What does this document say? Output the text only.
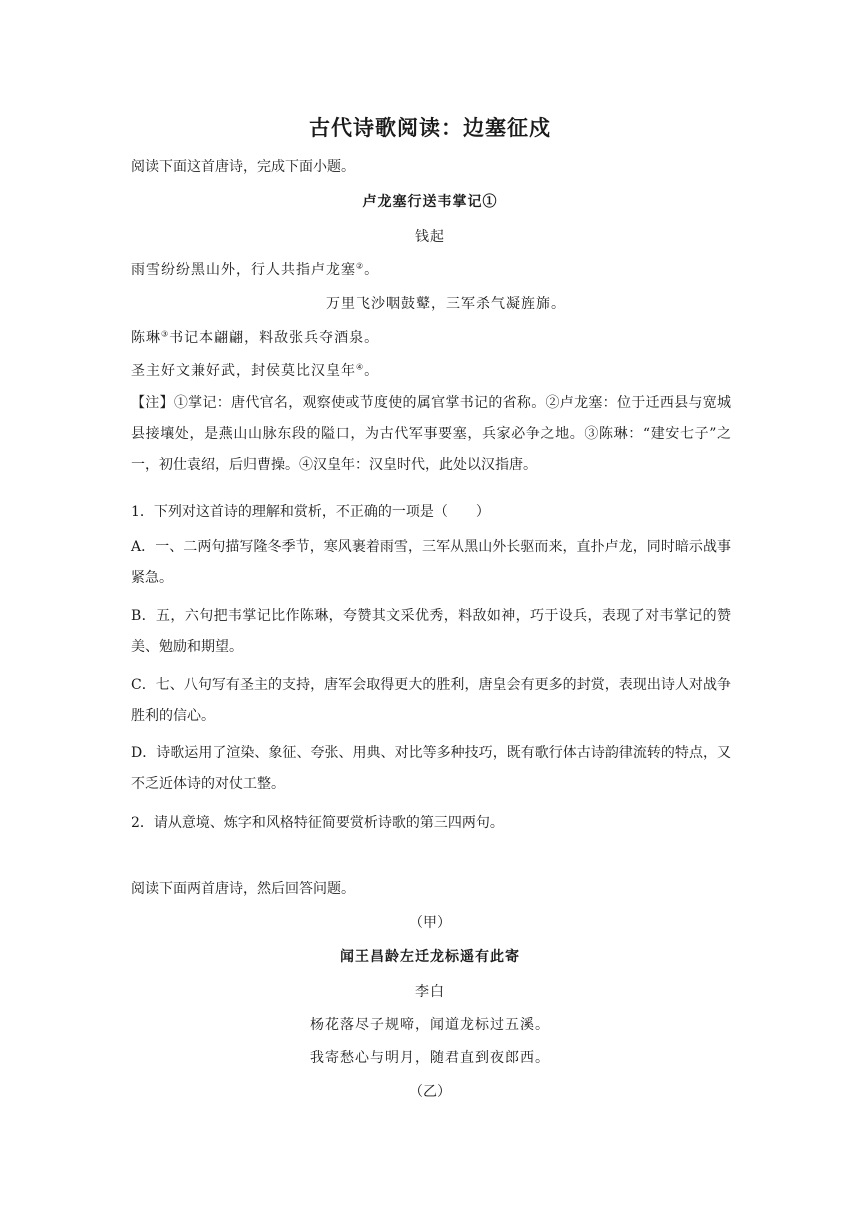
古代诗歌阅读：边塞征戍
阅读下面这首唐诗，完成下面小题。
卢龙塞行送韦掌记①
钱起
雨雪纷纷黑山外，行人共指卢龙塞②。
万里飞沙咽鼓鼙，三军杀气凝旌旆。
陈琳③书记本翩翩，料敌张兵夺酒泉。
圣主好文兼好武，封侯莫比汉皇年④。
【注】①掌记：唐代官名，观察使或节度使的属官掌书记的省称。②卢龙塞：位于迁西县与宽城县接壤处，是燕山山脉东段的隘口，为古代军事要塞，兵家必争之地。③陈琳：“建安七子”之一，初仕袁绍，后归曹操。④汉皇年：汉皇时代，此处以汉指唐。
1．下列对这首诗的理解和赏析，不正确的一项是（　　）
A．一、二两句描写隆冬季节，寒风裹着雨雪，三军从黑山外长驱而来，直扑卢龙，同时暗示战事紧急。
B．五，六句把韦掌记比作陈琳，夸赞其文采优秀，料敌如神，巧于设兵，表现了对韦掌记的赞美、勉励和期望。
C．七、八句写有圣主的支持，唐军会取得更大的胜利，唐皇会有更多的封赏，表现出诗人对战争胜利的信心。
D．诗歌运用了渲染、象征、夸张、用典、对比等多种技巧，既有歌行体古诗韵律流转的特点，又不乏近体诗的对仗工整。
2．请从意境、炼字和风格特征简要赏析诗歌的第三四两句。
阅读下面两首唐诗，然后回答问题。
（甲）
闻王昌龄左迁龙标遥有此寄
李白
杨花落尽子规啼，闻道龙标过五溪。
我寄愁心与明月，随君直到夜郎西。
（乙）
